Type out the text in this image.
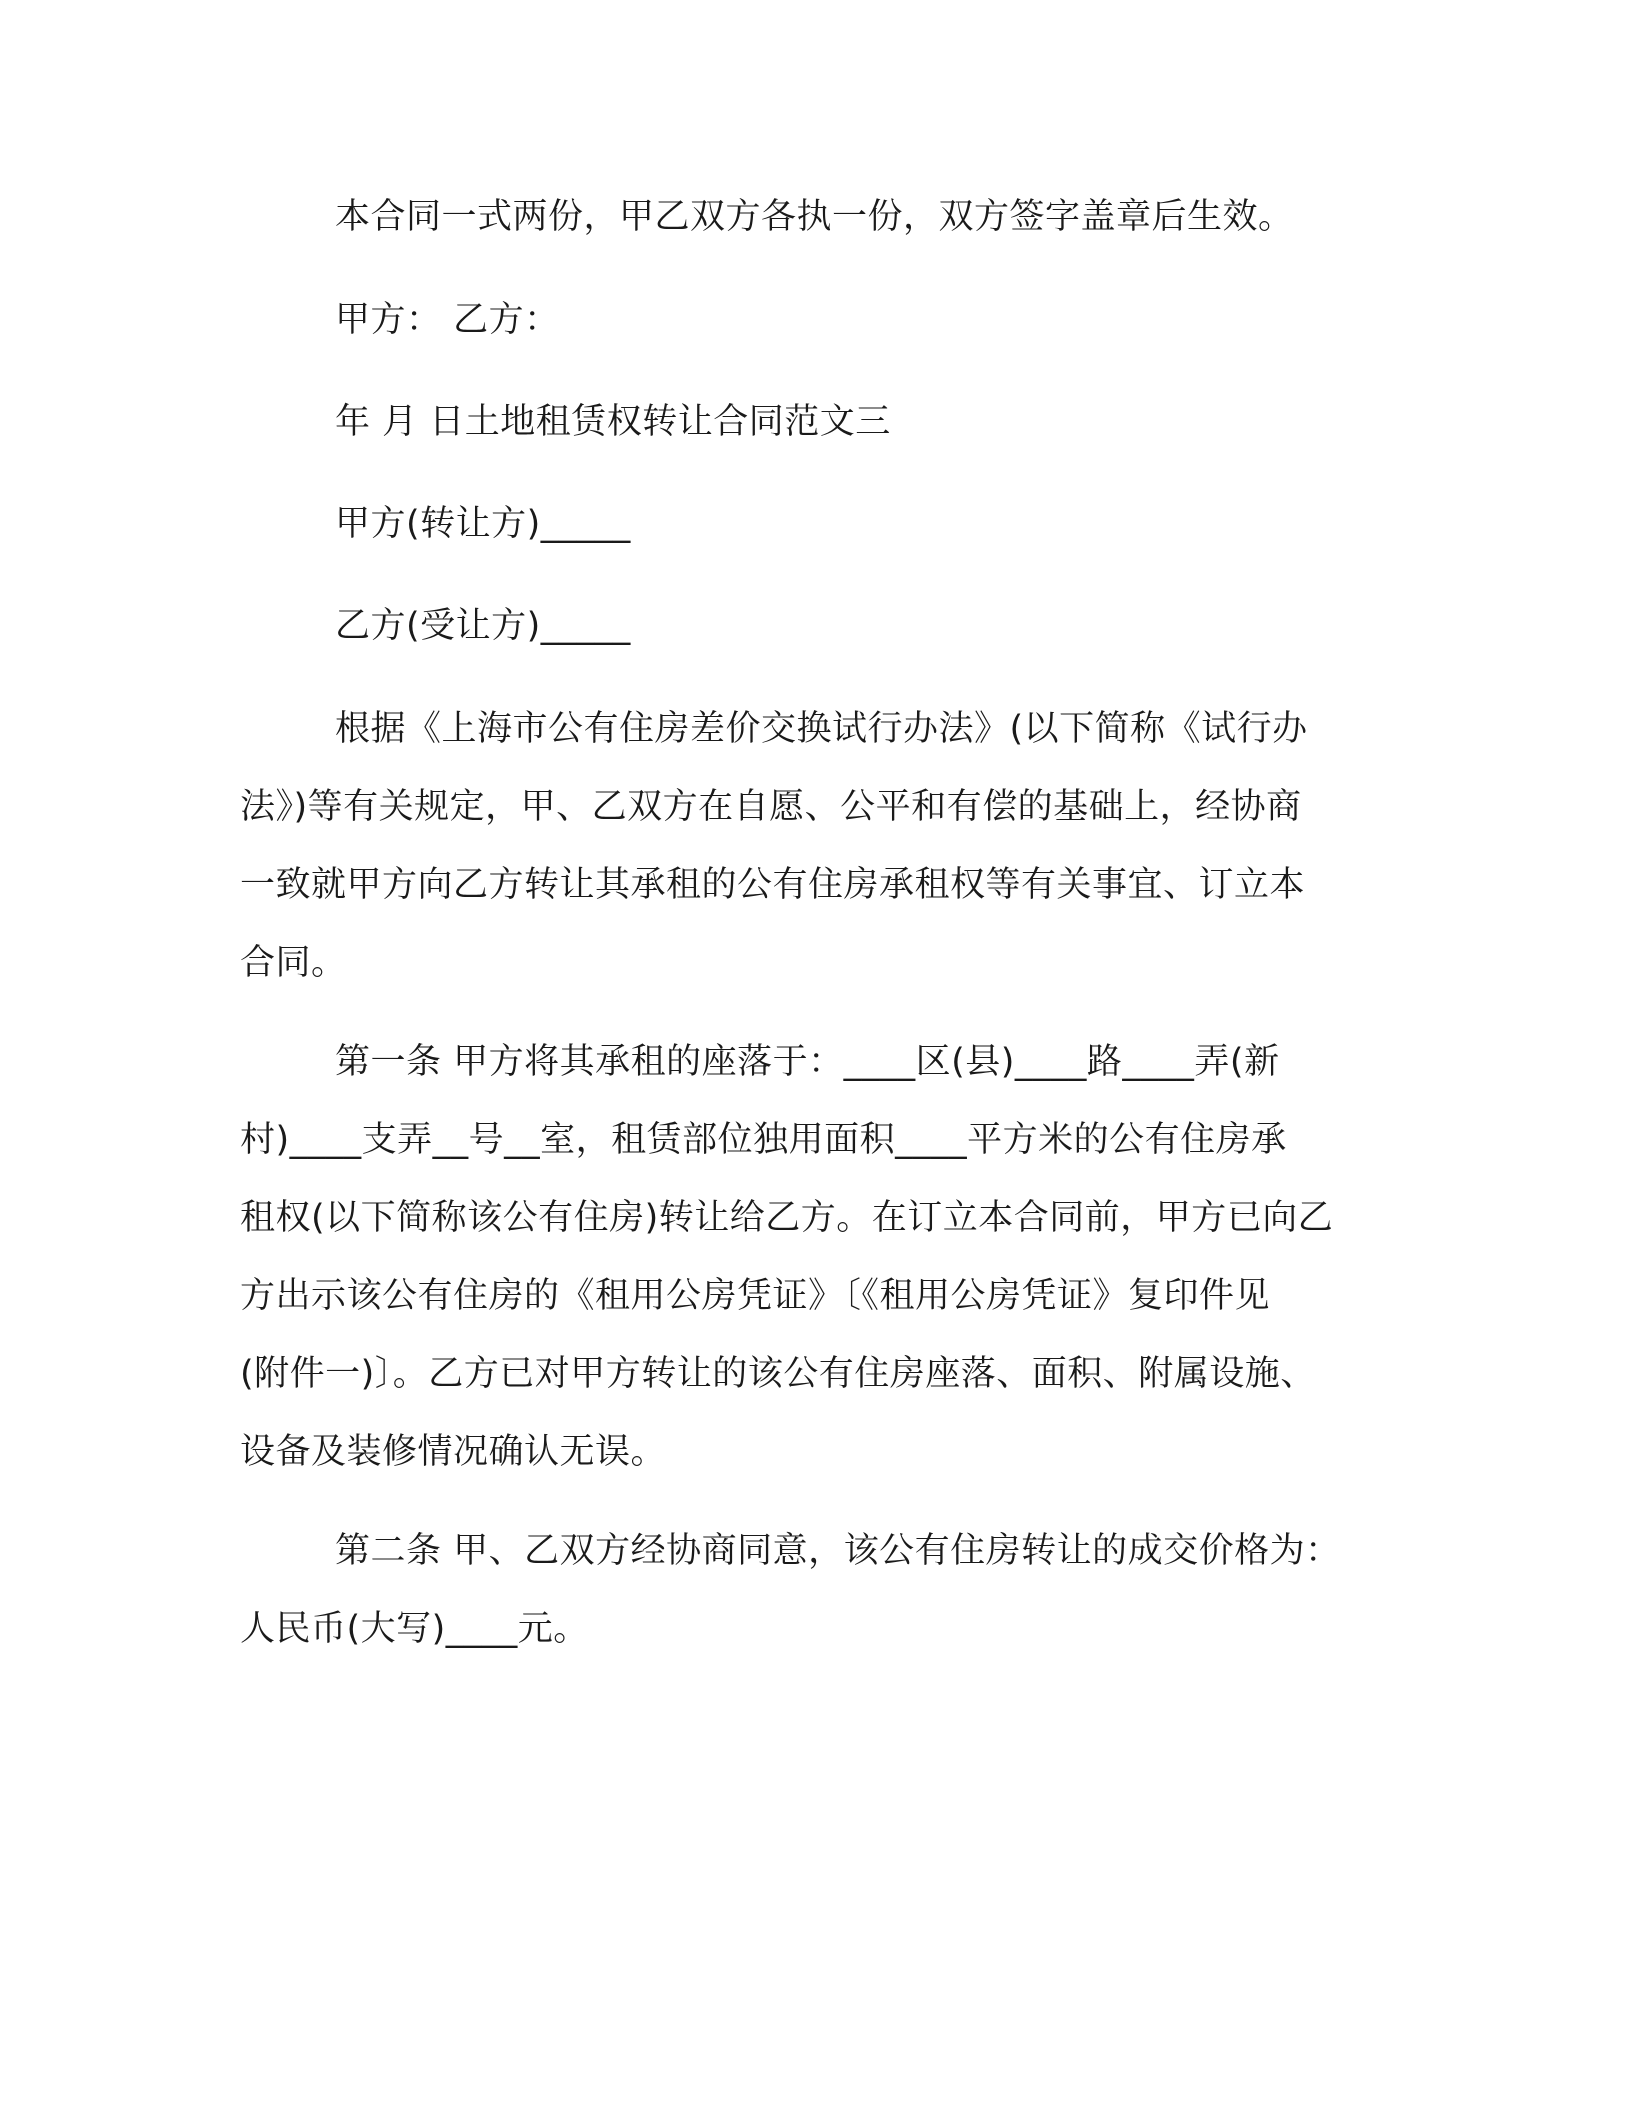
本合同一式两份，甲乙双方各执一份，双方签字盖章后生效。
甲方： 乙方：
年 月 日土地租赁权转让合同范文三
甲方(转让方)_____
乙方(受让方)_____
根据《上海市公有住房差价交换试行办法》(以下简称《试行办
法》)等有关规定，甲、乙双方在自愿、公平和有偿的基础上，经协商
一致就甲方向乙方转让其承租的公有住房承租权等有关事宜、订立本
合同。
第一条 甲方将其承租的座落于：____区(县)____路____弄(新
村)____支弄__号__室，租赁部位独用面积____平方米的公有住房承
租权(以下简称该公有住房)转让给乙方。在订立本合同前，甲方已向乙
方出示该公有住房的《租用公房凭证》〔《租用公房凭证》复印件见
(附件一)〕。乙方已对甲方转让的该公有住房座落、面积、附属设施、
设备及装修情况确认无误。
第二条 甲、乙双方经协商同意，该公有住房转让的成交价格为：
人民币(大写)____元。
